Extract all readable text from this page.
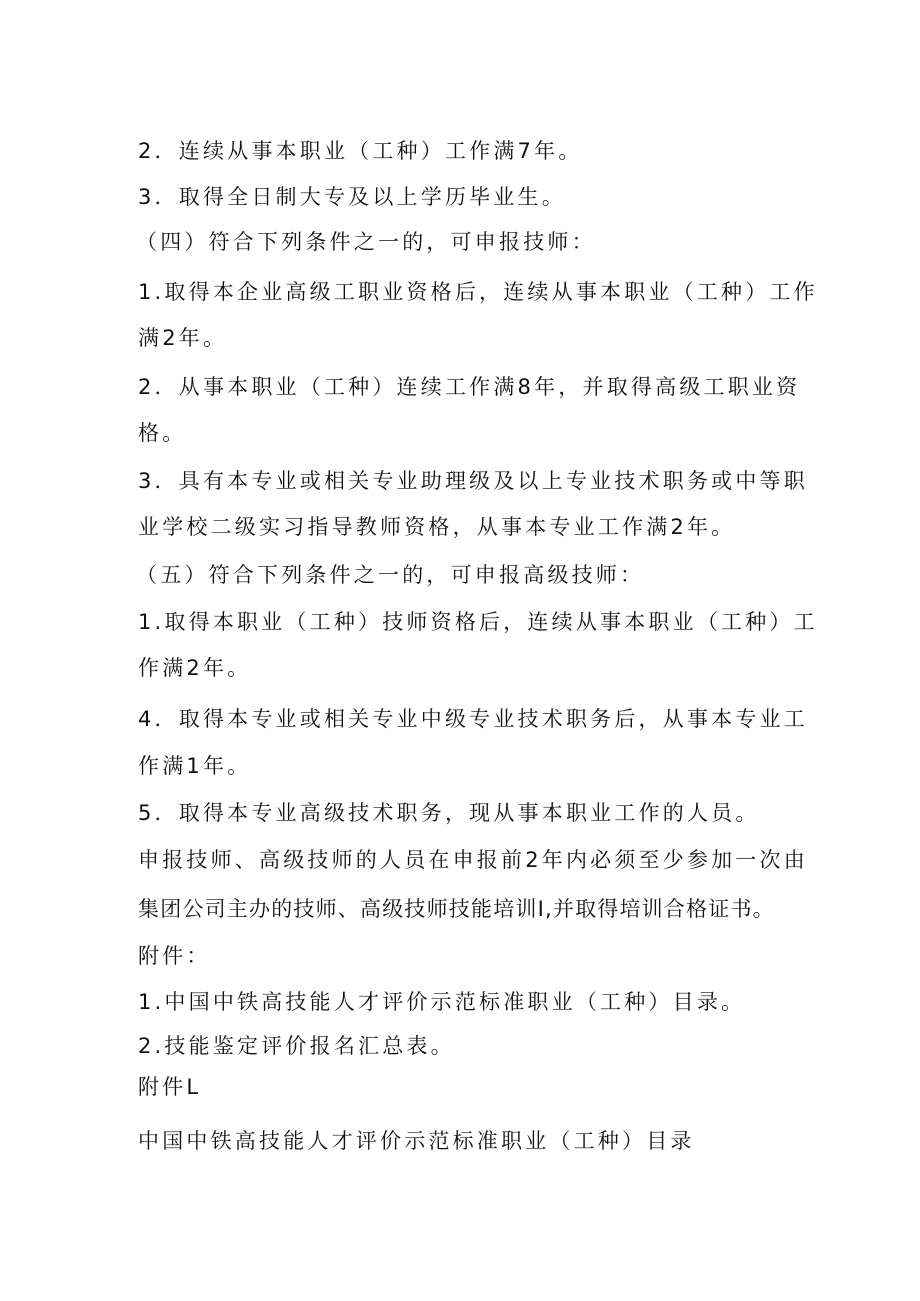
2．连续从事本职业（工种）工作满7年。
3．取得全日制大专及以上学历毕业生。
（四）符合下列条件之一的，可申报技师：
1.取得本企业高级工职业资格后，连续从事本职业（工种）工作
满2年。
2．从事本职业（工种）连续工作满8年，并取得高级工职业资
格。
3．具有本专业或相关专业助理级及以上专业技术职务或中等职
业学校二级实习指导教师资格，从事本专业工作满2年。
（五）符合下列条件之一的，可申报高级技师：
1.取得本职业（工种）技师资格后，连续从事本职业（工种）工
作满2年。
4．取得本专业或相关专业中级专业技术职务后，从事本专业工
作满1年。
5．取得本专业高级技术职务，现从事本职业工作的人员。
申报技师、高级技师的人员在申报前2年内必须至少参加一次由
集团公司主办的技师、高级技师技能培训I,并取得培训合格证书。
附件：
1.中国中铁高技能人才评价示范标准职业（工种）目录。
2.技能鉴定评价报名汇总表。
附件L
中国中铁高技能人才评价示范标准职业（工种）目录
